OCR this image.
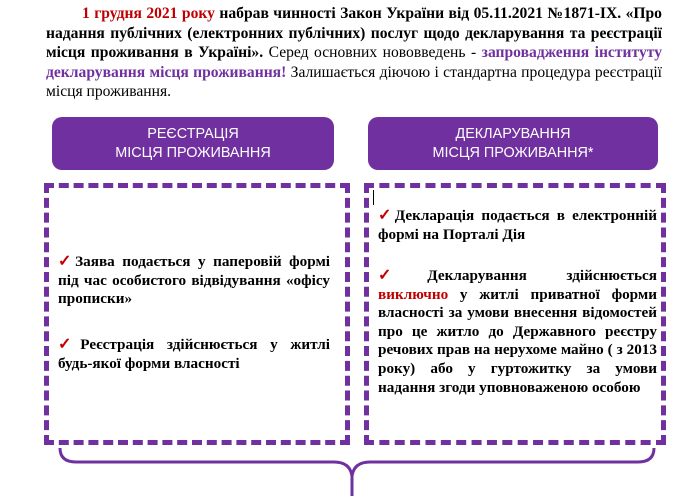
1 грудня 2021 року набрав чинності Закон України від 05.11.2021 №1871-ІХ. «Про надання публічних (електронних публічних) послуг щодо декларування та реєстрації місця проживання в Україні». Серед основних нововведень - запровадження інституту декларування місця проживання! Залишається діючою і стандартна процедура реєстрації місця проживання.
РЕЄСТРАЦІЯ
МІСЦЯ ПРОЖИВАННЯ
ДЕКЛАРУВАННЯ
МІСЦЯ ПРОЖИВАННЯ*
✓Заява подається у паперовій формі під час особистого відвідування «офісу прописки»
✓Реєстрація здійснюється у житлі будь-якої форми власності
✓Декларація подається в електронній формі на Порталі Дія
✓Декларування здійснюється виключно у житлі приватної форми власності за умови внесення відомостей про це житло до Державного реєстру речових прав на нерухоме майно ( з 2013 року) або у гуртожитку за умови надання згоди уповноваженою особою
